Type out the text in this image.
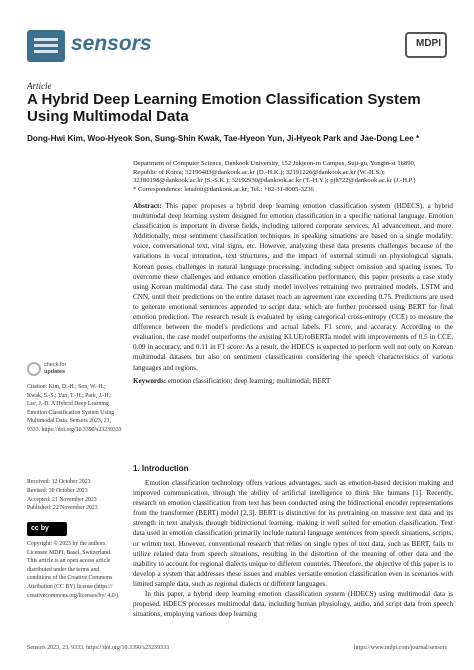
sensors	MDPI
Article
A Hybrid Deep Learning Emotion Classification System Using Multimodal Data
Dong-Hwi Kim, Woo-Hyeok Son, Sung-Shin Kwak, Tae-Hyeon Yun, Ji-Hyeok Park and Jae-Dong Lee *
Department of Computer Science, Dankook University, 152 Jukjeon-ro Campus, Suji-gu, Yongin-si 16890,
Republic of Korea; 32190483@dankook.ac.kr (D.-H.K.); 32191226@dankook.ac.kr (W.-H.S.);
32180198@dankook.ac.kr (S.-S.K.); 32192930@dankook.ac.kr (T.-H.Y.); pjh722@dankook.ac.kr (J.-H.P.)
* Correspondence: letsdoit@dankook.ac.kr; Tel.: +82-31-8005-3236
Abstract: This paper proposes a hybrid deep learning emotion classification system (HDECS), a hybrid multimodal deep learning system designed for emotion classification in a specific national language. Emotion classification is important in diverse fields, including tailored corporate services, AI advancement, and more. Additionally, most sentiment classification techniques in speaking situations are based on a single modality: voice, conversational text, vital signs, etc. However, analyzing these data presents challenges because of the variations in vocal intonation, text structures, and the impact of external stimuli on physiological signals. Korean poses challenges in natural language processing, including subject omission and spacing issues. To overcome these challenges and enhance emotion classification performance, this paper presents a case study using Korean multimodal data. The case study model involves retraining two pretrained models, LSTM and CNN, until their predictions on the entire dataset reach an agreement rate exceeding 0.75. Predictions are used to generate emotional sentences appended to script data, which are further processed using BERT for final emotion prediction. The research result is evaluated by using categorical cross-entropy (CCE) to measure the difference between the model's predictions and actual labels, F1 score, and accuracy. According to the evaluation, the case model outperforms the existing KLUE/roBERTa model with improvements of 0.5 in CCE, 0.09 in accuracy, and 0.11 in F1 score. As a result, the HDECS is expected to perform well not only on Korean multimodal datasets but also on sentiment classification considering the speech characteristics of various languages and regions.
Keywords: emotion classification; deep learning; multimodal; BERT
check for
updates
Citation: Kim, D.-H.; Son, W.-H.; Kwak, S.-S.; Yun, T.-H.; Park, J.-H.; Lee, J.-D. A Hybrid Deep Learning Emotion Classification System Using Multimodal Data. Sensors 2023, 23, 9333. https://doi.org/10.3390/s23239333
Received: 12 October 2023
Revised: 30 October 2023
Accepted: 21 November 2023
Published: 22 November 2023
cc by
Copyright: © 2023 by the authors. Licensee MDPI, Basel, Switzerland. This article is an open access article distributed under the terms and conditions of the Creative Commons Attribution (CC BY) license (https:// creativecommons.org/licenses/by/ 4.0/).
1. Introduction

Emotion classification technology offers various advantages, such as emotion-based decision making and improved communication, through the ability of artificial intelligence to think like humans [1]. Recently, research on emotion classification from text has been conducted using the bidirectional encoder representations from the transformer (BERT) model [2,3]. BERT is distinctive for its pretraining on massive text data and its strength in text analysis through bidirectional learning, making it well suited for emotion classification. Text data used in emotion classification primarily include natural language sentences from speech situations, scripts, or written text. However, conventional research that relies on single types of text data, such as BERT, fails to utilize related data from speech situations, resulting in the distortion of the meaning of other data and the inability to account for regional dialects unique to different countries. Therefore, the objective of this paper is to develop a system that addresses these issues and enables versatile emotion classification even in scenarios with limited sample data, such as regional dialects or different languages.

In this paper, a hybrid deep learning emotion classification system (HDECS) using multimodal data is proposed. HDECS processes multimodal data, including human physiology, audio, and script data from speech situations, employing various deep learning

Sensors 2023, 23, 9333. https://doi.org/10.3390/s23239333	https://www.mdpi.com/journal/sensors
